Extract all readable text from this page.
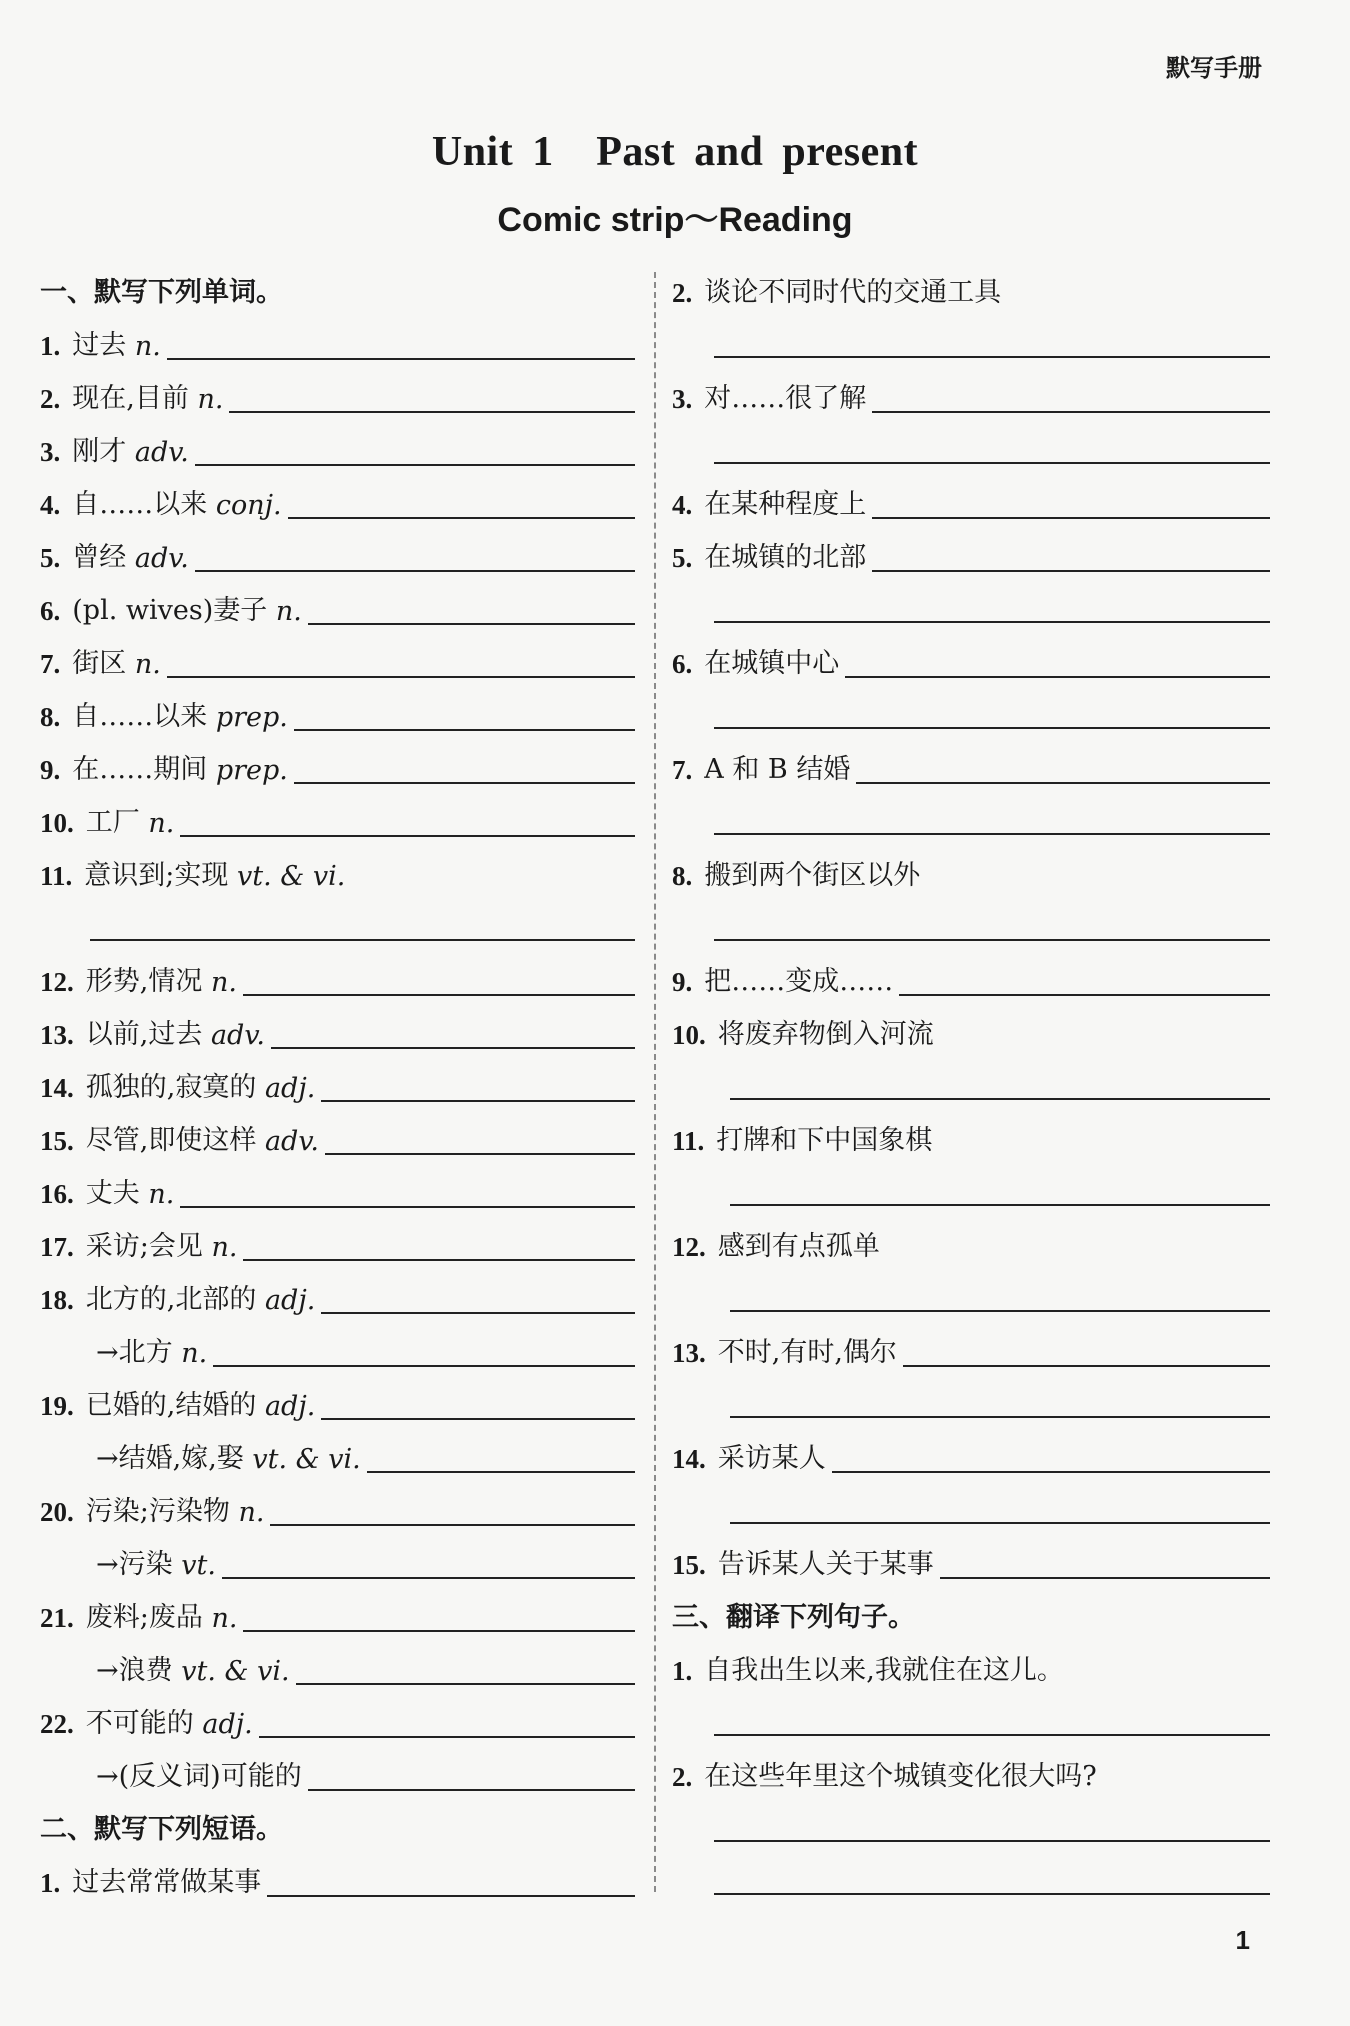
默写手册
Unit 1　Past and present
Comic strip～Reading
一、默写下列单词。
1. 过去
n.
2. 现在,目前
n.
3. 刚才
adv.
4. 自……以来
conj.
5. 曾经
adv.
6. (pl. wives)妻子
n.
7. 街区
n.
8. 自……以来
prep.
9. 在……期间
prep.
10. 工厂
n.
11. 意识到;实现
vt. & vi.
12. 形势,情况
n.
13. 以前,过去
adv.
14. 孤独的,寂寞的
adj.
15. 尽管,即使这样
adv.
16. 丈夫
n.
17. 采访;会见
n.
18. 北方的,北部的
adj.
→北方
n.
19. 已婚的,结婚的
adj.
→结婚,嫁,娶
vt. & vi.
20. 污染;污染物
n.
→污染
vt.
21. 废料;废品
n.
→浪费
vt. & vi.
22. 不可能的
adj.
→(反义词)可能的
二、默写下列短语。
1. 过去常常做某事
2. 谈论不同时代的交通工具
3. 对……很了解
4. 在某种程度上
5. 在城镇的北部
6. 在城镇中心
7. A 和 B 结婚
8. 搬到两个街区以外
9. 把……变成……
10. 将废弃物倒入河流
11. 打牌和下中国象棋
12. 感到有点孤单
13. 不时,有时,偶尔
14. 采访某人
15. 告诉某人关于某事
三、翻译下列句子。
1. 自我出生以来,我就住在这儿。
2. 在这些年里这个城镇变化很大吗?
1
